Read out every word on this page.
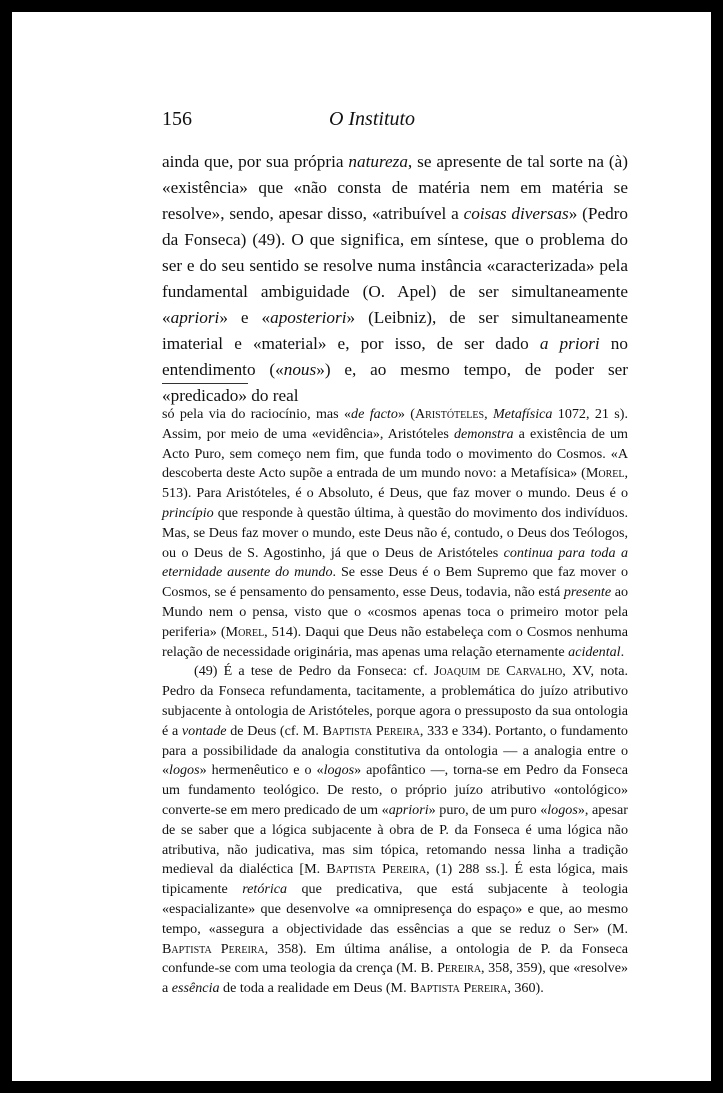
156	O Instituto

ainda que, por sua própria natureza, se apresente de tal sorte na (à) «existência» que «não consta de matéria nem em matéria se resolve», sendo, apesar disso, «atribuível a coisas diversas» (Pedro da Fonseca) (49). O que significa, em síntese, que o problema do ser e do seu sentido se resolve numa instância «caracterizada» pela fundamental ambiguidade (O. Apel) de ser simultaneamente «apriori» e «aposteriori» (Leibniz), de ser simultaneamente imaterial e «material» e, por isso, de ser dado a priori no entendimento («nous») e, ao mesmo tempo, de poder ser «predicado» do real

só pela via do raciocínio, mas «de facto» (Aristóteles, Metafísica 1072, 21 s). Assim, por meio de uma «evidência», Aristóteles demonstra a existência de um Acto Puro, sem começo nem fim, que funda todo o movimento do Cosmos. «A descoberta deste Acto supõe a entrada de um mundo novo: a Metafísica» (Morel, 513). Para Aristóteles, é o Absoluto, é Deus, que faz mover o mundo. Deus é o princípio que responde à questão última, à questão do movimento dos indivíduos. Mas, se Deus faz mover o mundo, este Deus não é, contudo, o Deus dos Teólogos, ou o Deus de S. Agostinho, já que o Deus de Aristóteles continua para toda a eternidade ausente do mundo. Se esse Deus é o Bem Supremo que faz mover o Cosmos, se é pensamento do pensamento, esse Deus, todavia, não está presente ao Mundo nem o pensa, visto que o «cosmos apenas toca o primeiro motor pela periferia» (Morel, 514). Daqui que Deus não estabeleça com o Cosmos nenhuma relação de necessidade originária, mas apenas uma relação eternamente acidental.

(49) É a tese de Pedro da Fonseca: cf. Joaquim de Carvalho, XV, nota. Pedro da Fonseca refundamenta, tacitamente, a problemática do juízo atributivo subjacente à ontologia de Aristóteles, porque agora o pressuposto da sua ontologia é a vontade de Deus (cf. M. Baptista Pereira, 333 e 334). Portanto, o fundamento para a possibilidade da analogia constitutiva da ontologia — a analogia entre o «logos» hermenêutico e o «logos» apofântico —, torna-se em Pedro da Fonseca um fundamento teológico. De resto, o próprio juízo atributivo «ontológico» converte-se em mero predicado de um «apriori» puro, de um puro «logos», apesar de se saber que a lógica subjacente à obra de P. da Fonseca é uma lógica não atributiva, não judicativa, mas sim tópica, retomando nessa linha a tradição medieval da dialéctica [M. Baptista Pereira, (1) 288 ss.]. É esta lógica, mais tipicamente retórica que predicativa, que está subjacente à teologia «espacializante» que desenvolve «a omnipresença do espaço» e que, ao mesmo tempo, «assegura a objectividade das essências a que se reduz o Ser» (M. Baptista Pereira, 358). Em última análise, a ontologia de P. da Fonseca confunde-se com uma teologia da crença (M. B. Pereira, 358, 359), que «resolve» a essência de toda a realidade em Deus (M. Baptista Pereira, 360).
